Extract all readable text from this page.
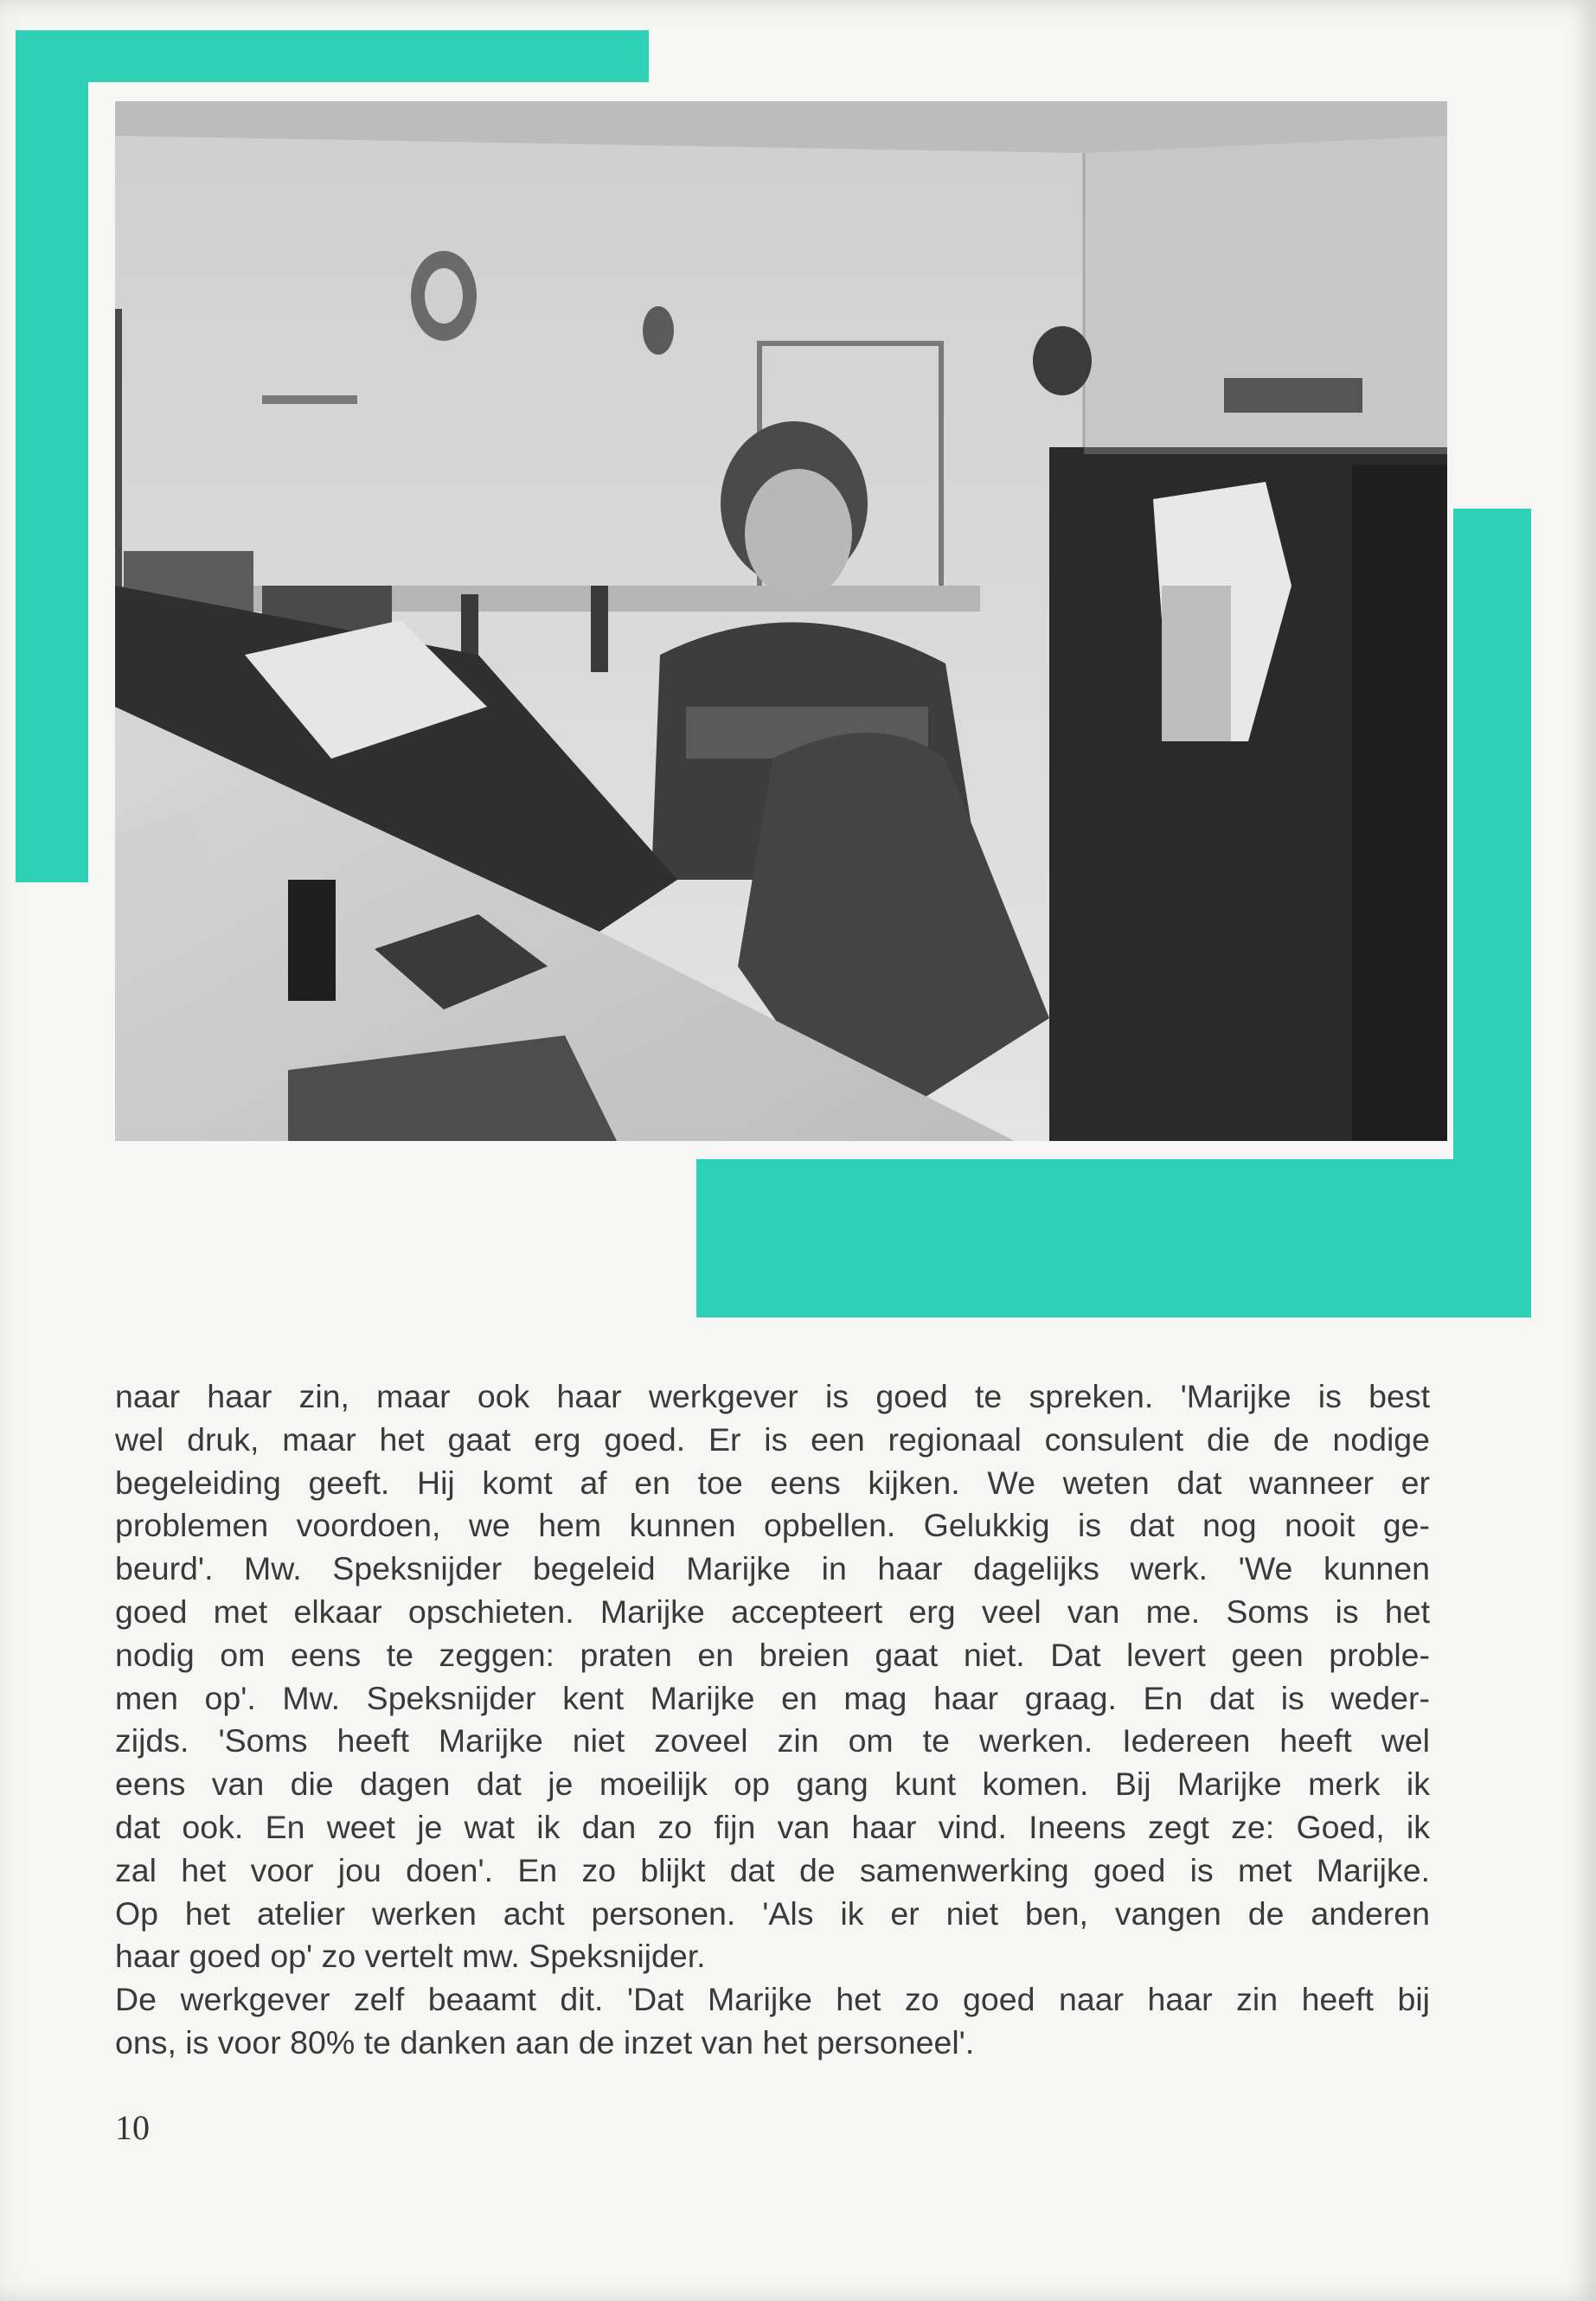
naar haar zin, maar ook haar werkgever is goed te spreken. 'Marijke is best
wel druk, maar het gaat erg goed. Er is een regionaal consulent die de nodige
begeleiding geeft. Hij komt af en toe eens kijken. We weten dat wanneer er
problemen voordoen, we hem kunnen opbellen. Gelukkig is dat nog nooit ge-
beurd'. Mw. Speksnijder begeleid Marijke in haar dagelijks werk. 'We kunnen
goed met elkaar opschieten. Marijke accepteert erg veel van me. Soms is het
nodig om eens te zeggen: praten en breien gaat niet. Dat levert geen proble-
men op'. Mw. Speksnijder kent Marijke en mag haar graag. En dat is weder-
zijds. 'Soms heeft Marijke niet zoveel zin om te werken. Iedereen heeft wel
eens van die dagen dat je moeilijk op gang kunt komen. Bij Marijke merk ik
dat ook. En weet je wat ik dan zo fijn van haar vind. Ineens zegt ze: Goed, ik
zal het voor jou doen'. En zo blijkt dat de samenwerking goed is met Marijke.
Op het atelier werken acht personen. 'Als ik er niet ben, vangen de anderen
haar goed op' zo vertelt mw. Speksnijder.
De werkgever zelf beaamt dit. 'Dat Marijke het zo goed naar haar zin heeft bij
ons, is voor 80% te danken aan de inzet van het personeel'.
10
